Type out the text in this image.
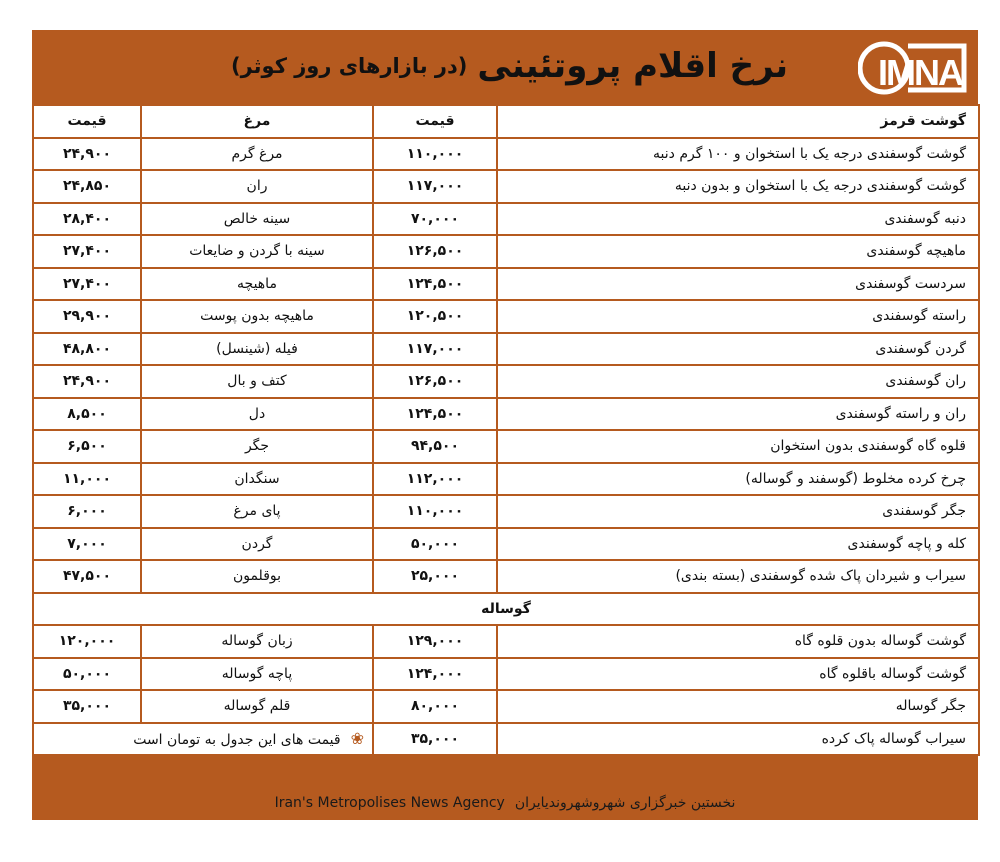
نرخ اقلام پروتئینی
(در بازارهای روز کوثر)	IMNA
قیمت	مرغ	قیمت	گوشت قرمز
۲۴,۹۰۰	مرغ گرم	۱۱۰,۰۰۰	گوشت گوسفندی درجه یک با استخوان و ۱۰۰ گرم دنبه
۲۴,۸۵۰	ران	۱۱۷,۰۰۰	گوشت گوسفندی درجه یک با استخوان و بدون دنبه
۲۸,۴۰۰	سینه خالص	۷۰,۰۰۰	دنبه گوسفندی
۲۷,۴۰۰	سینه با گردن و ضایعات	۱۲۶,۵۰۰	ماهیچه گوسفندی
۲۷,۴۰۰	ماهیچه	۱۲۴,۵۰۰	سردست گوسفندی
۲۹,۹۰۰	ماهیچه بدون پوست	۱۲۰,۵۰۰	راسته گوسفندی
۴۸,۸۰۰	فیله (شینسل)	۱۱۷,۰۰۰	گردن گوسفندی
۲۴,۹۰۰	کتف و بال	۱۲۶,۵۰۰	ران گوسفندی
۸,۵۰۰	دل	۱۲۴,۵۰۰	ران و راسته گوسفندی
۶,۵۰۰	جگر	۹۴,۵۰۰	قلوه گاه گوسفندی بدون استخوان
۱۱,۰۰۰	سنگدان	۱۱۲,۰۰۰	چرخ کرده مخلوط (گوسفند و گوساله)
۶,۰۰۰	پای مرغ	۱۱۰,۰۰۰	جگر گوسفندی
۷,۰۰۰	گردن	۵۰,۰۰۰	کله و پاچه گوسفندی
۴۷,۵۰۰	بوقلمون	۲۵,۰۰۰	سیراب و شیردان پاک شده گوسفندی (بسته بندی)
گوساله			
۱۲۰,۰۰۰	زبان گوساله	۱۲۹,۰۰۰	گوشت گوساله بدون قلوه گاه
۵۰,۰۰۰	پاچه گوساله	۱۲۴,۰۰۰	گوشت گوساله باقلوه گاه
۳۵,۰۰۰	قلم گوساله	۸۰,۰۰۰	جگر گوساله
❀قیمت های این جدول به تومان است		۳۵,۰۰۰	سیراب گوساله پاک کرده
Iran's Metropolises News Agency نخستین خبرگزاری شهروشهروندیایران
